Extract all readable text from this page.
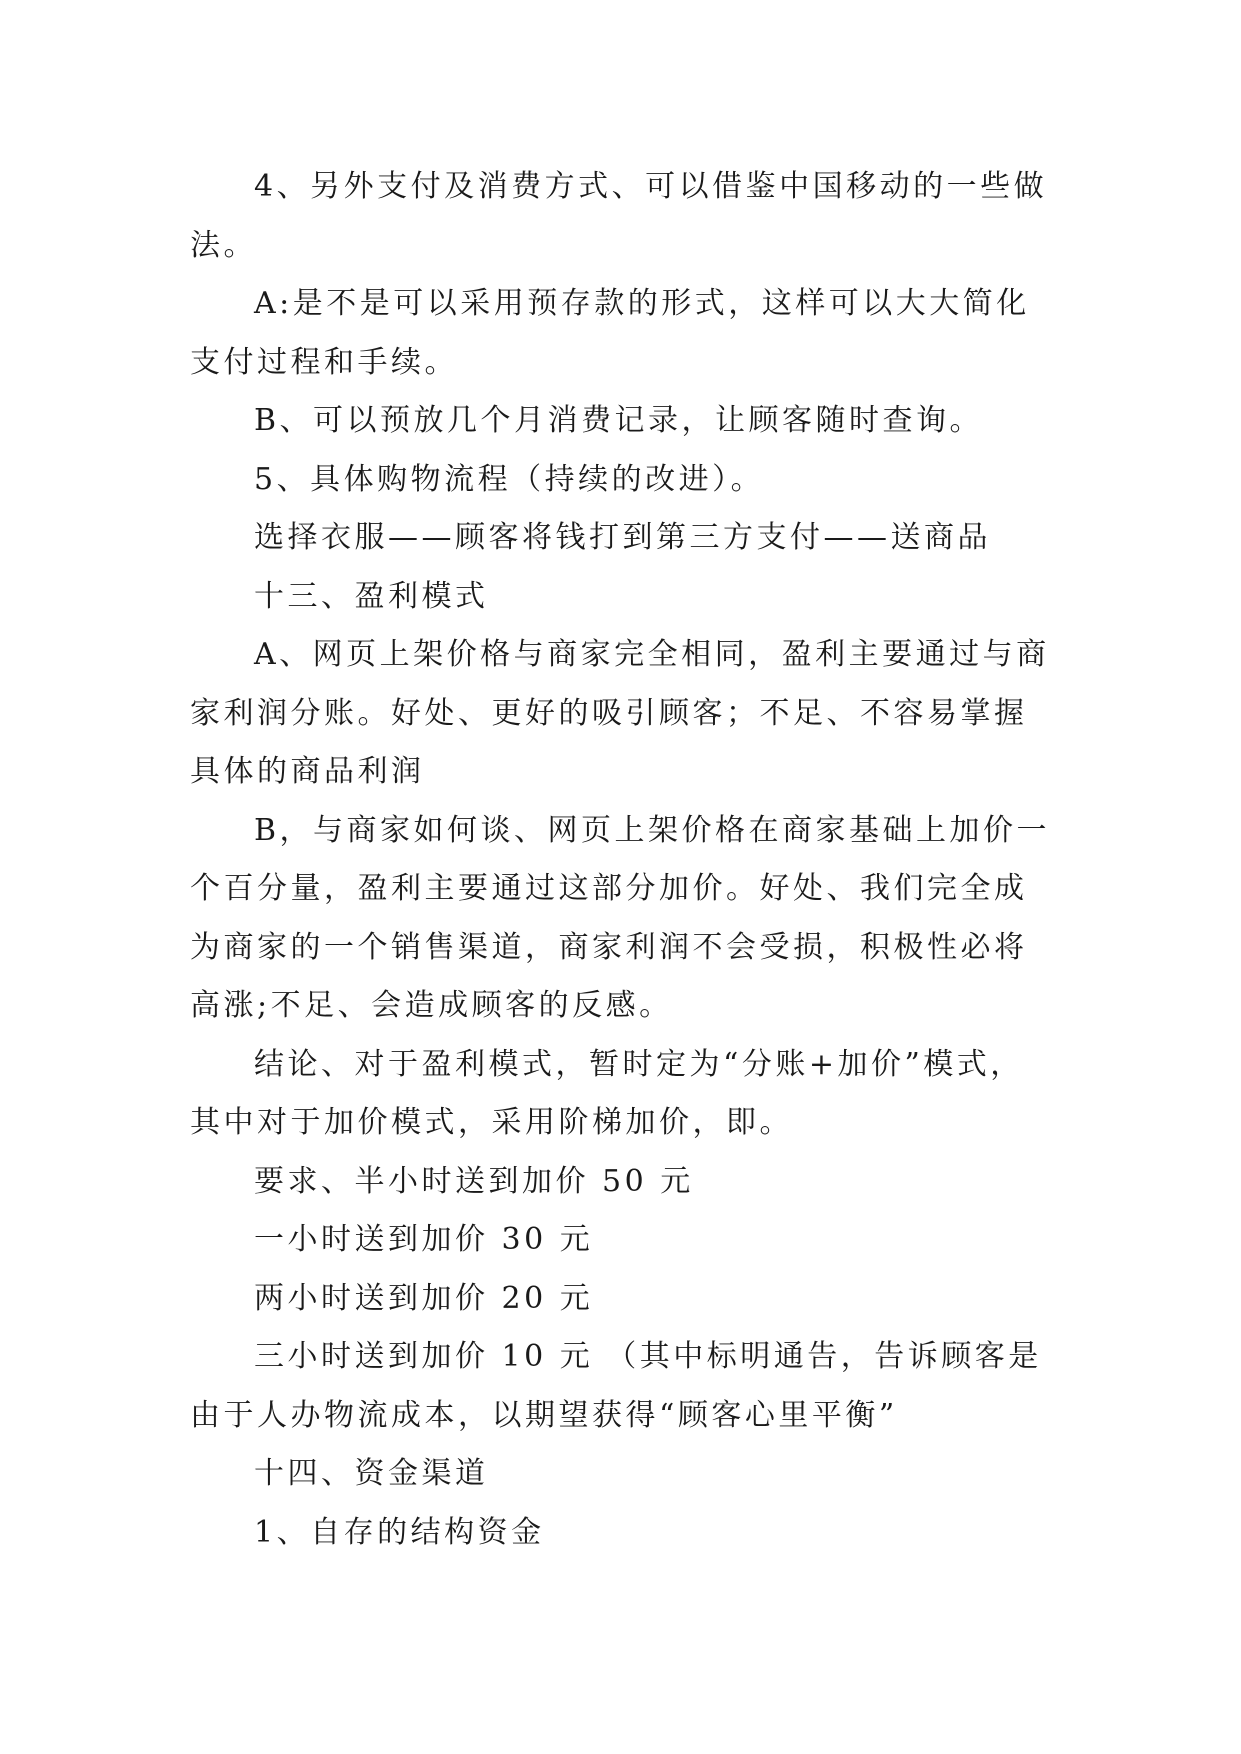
4、另外支付及消费方式、可以借鉴中国移动的一些做法。

A:是不是可以采用预存款的形式，这样可以大大简化支付过程和手续。

B、可以预放几个月消费记录，让顾客随时查询。

5、具体购物流程（持续的改进）。

选择衣服——顾客将钱打到第三方支付——送商品

十三、盈利模式

A、网页上架价格与商家完全相同，盈利主要通过与商家利润分账。好处、更好的吸引顾客；不足、不容易掌握具体的商品利润

B，与商家如何谈、网页上架价格在商家基础上加价一个百分量，盈利主要通过这部分加价。好处、我们完全成为商家的一个销售渠道，商家利润不会受损，积极性必将高涨;不足、会造成顾客的反感。

结论、对于盈利模式，暂时定为“分账+加价”模式，其中对于加价模式，采用阶梯加价，即。

要求、半小时送到加价 50 元

一小时送到加价 30 元

两小时送到加价 20 元

三小时送到加价 10 元 （其中标明通告，告诉顾客是由于人办物流成本，以期望获得“顾客心里平衡”

十四、资金渠道

1、自存的结构资金
